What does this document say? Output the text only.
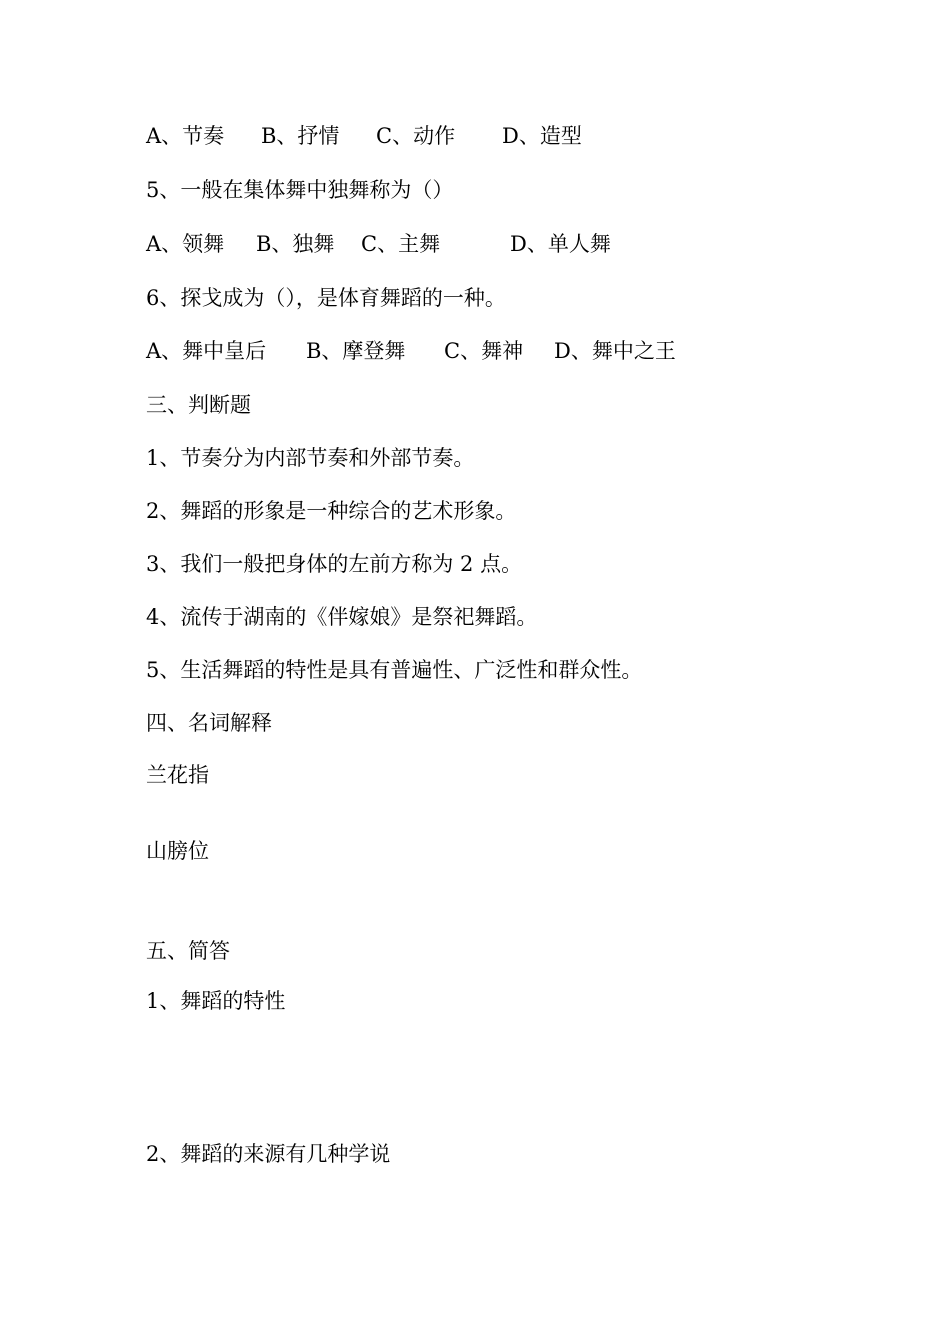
A、节奏 B、抒情 C、动作 D、造型
5、一般在集体舞中独舞称为（）
A、领舞 B、独舞 C、主舞	D、单人舞
6、探戈成为（），是体育舞蹈的一种。
A、舞中皇后 B、摩登舞 C、舞神 D、舞中之王
三、判断题
1、节奏分为内部节奏和外部节奏。
2、舞蹈的形象是一种综合的艺术形象。
3、我们一般把身体的左前方称为 2 点。
4、流传于湖南的《伴嫁娘》是祭祀舞蹈。
5、生活舞蹈的特性是具有普遍性、广泛性和群众性。
四、名词解释
兰花指
山膀位
五、简答
1、舞蹈的特性
2、舞蹈的来源有几种学说
